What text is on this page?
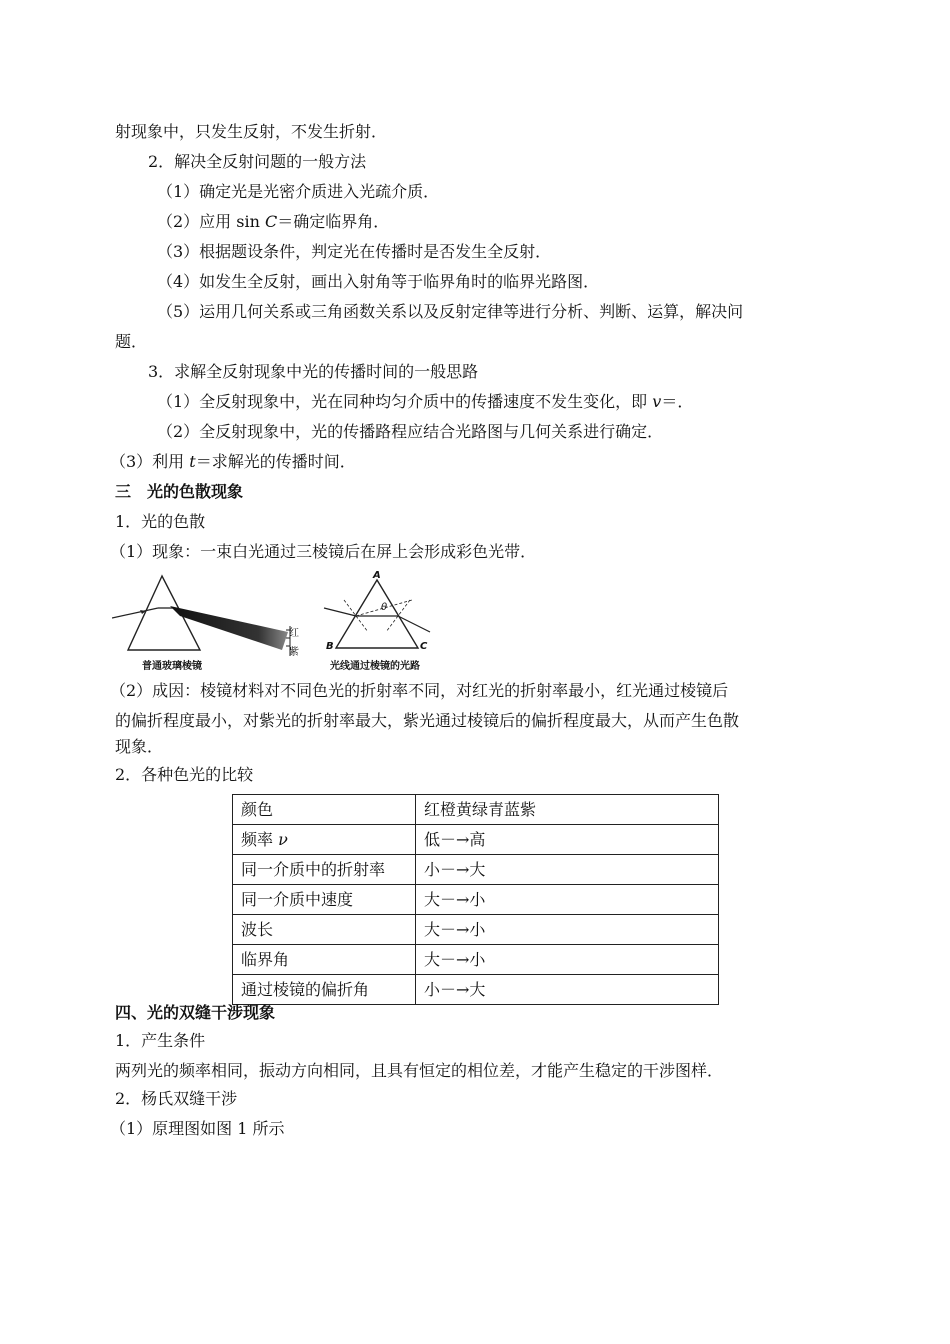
射现象中，只发生反射，不发生折射．
2．解决全反射问题的一般方法
（1）确定光是光密介质进入光疏介质．
（2）应用 sin C＝确定临界角．
（3）根据题设条件，判定光在传播时是否发生全反射．
（4）如发生全反射，画出入射角等于临界角时的临界光路图．
（5）运用几何关系或三角函数关系以及反射定律等进行分析、判断、运算，解决问
题．
3．求解全反射现象中光的传播时间的一般思路
（1）全反射现象中，光在同种均匀介质中的传播速度不发生变化，即 v＝．
（2）全反射现象中，光的传播路程应结合光路图与几何关系进行确定．
（3）利用 t＝求解光的传播时间．
三　光的色散现象
1．光的色散
（1）现象：一束白光通过三棱镜后在屏上会形成彩色光带．
普通玻璃棱镜	光线通过棱镜的光路
红
紫
A
B	C
θ
（2）成因：棱镜材料对不同色光的折射率不同，对红光的折射率最小，红光通过棱镜后
的偏折程度最小，对紫光的折射率最大，紫光通过棱镜后的偏折程度最大，从而产生色散
现象．
2．各种色光的比较
颜色	红橙黄绿青蓝紫
频率 ν	低－→高
同一介质中的折射率	小－→大
同一介质中速度	大－→小
波长	大－→小
临界角	大－→小
通过棱镜的偏折角	小－→大
四、光的双缝干涉现象
1．产生条件
两列光的频率相同，振动方向相同，且具有恒定的相位差，才能产生稳定的干涉图样．
2．杨氏双缝干涉
（1）原理图如图 1 所示
